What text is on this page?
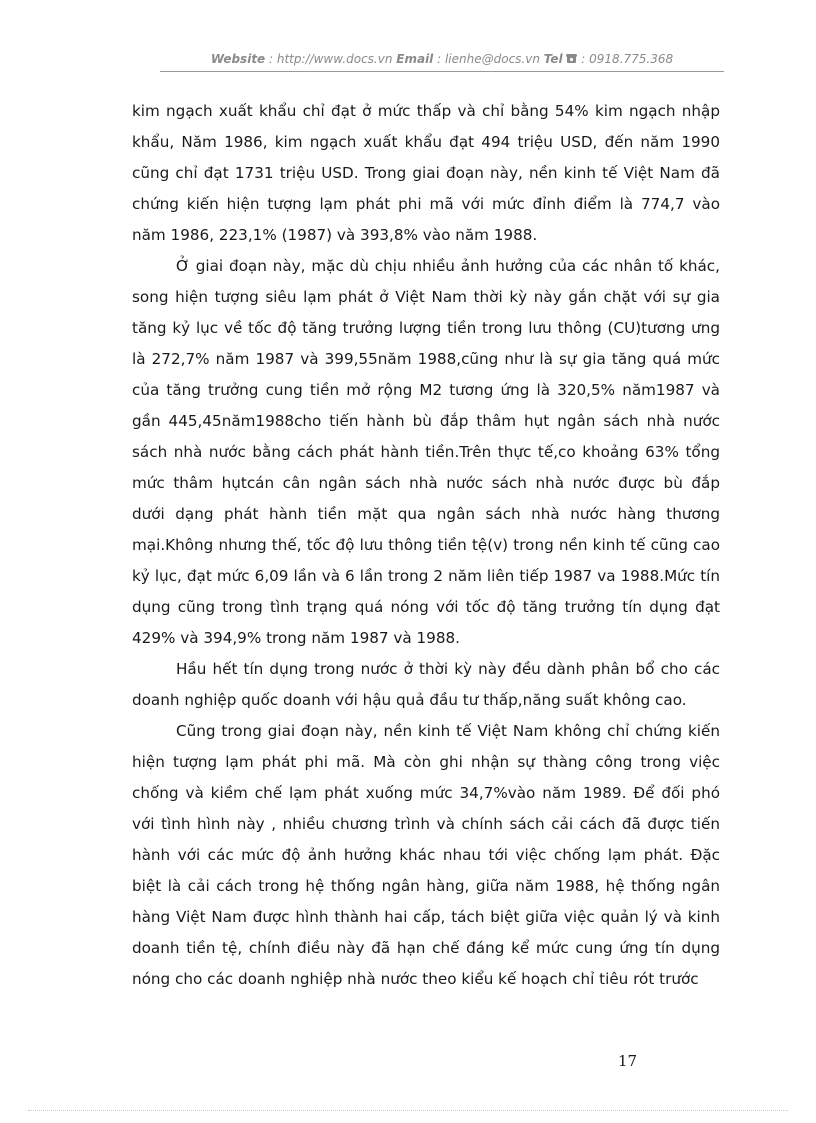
Website : http://www.docs.vn Email : lienhe@docs.vn Tel  : 0918.775.368
kim ngạch xuất khẩu chỉ đạt ở mức thấp và chỉ bằng 54% kim ngạch nhập
khẩu, Năm 1986, kim ngạch xuất khẩu đạt 494 triệu USD, đến năm 1990
cũng chỉ đạt 1731 triệu USD. Trong giai đoạn này, nền kinh tế Việt Nam đã
chứng kiến hiện tượng lạm phát phi mã với mức đỉnh điểm là 774,7 vào
năm 1986, 223,1% (1987) và 393,8% vào năm 1988.
Ở giai đoạn này, mặc dù chịu nhiều ảnh hưởng của các nhân tố khác,
song hiện tượng siêu lạm phát ở Việt Nam thời kỳ này gắn chặt với sự gia
tăng kỷ lục về tốc độ tăng trưởng lượng tiền trong lưu thông (CU)tương ưng
là 272,7% năm 1987 và 399,55năm 1988,cũng như là sự gia tăng quá mức
của tăng trưởng cung tiền mở rộng M2 tương ứng là 320,5% năm1987 và
gần 445,45năm1988cho tiến hành bù đắp thâm hụt ngân sách nhà nước
sách nhà nước bằng cách phát hành tiền.Trên thực tế,co khoảng 63% tổng
mức thâm hụtcán cân ngân sách nhà nước sách nhà nước được bù đắp
dưới dạng phát hành tiền mặt qua ngân sách nhà nước hàng thương
mại.Không nhưng thế, tốc độ lưu thông tiền tệ(v) trong nền kinh tế cũng cao
kỷ lục, đạt mức 6,09 lần và 6 lần trong 2 năm liên tiếp 1987 va 1988.Mức tín
dụng cũng trong tình trạng quá nóng với tốc độ tăng trưởng tín dụng đạt
429% và 394,9% trong năm 1987 và 1988.
Hầu hết tín dụng trong nước ở thời kỳ này đều dành phân bổ cho các
doanh nghiệp quốc doanh với hậu quả đầu tư thấp,năng suất không cao.
Cũng trong giai đoạn này, nền kinh tế Việt Nam không chỉ chứng kiến
hiện tượng lạm phát phi mã. Mà còn ghi nhận sự thàng công trong việc
chống và kiềm chế lạm phát xuống mức 34,7%vào năm 1989. Để đối phó
với tình hình này , nhiều chương trình và chính sách cải cách đã được tiến
hành với các mức độ ảnh hưởng khác nhau tới việc chống lạm phát. Đặc
biệt là cải cách trong hệ thống ngân hàng, giữa năm 1988, hệ thống ngân
hàng Việt Nam được hình thành hai cấp, tách biệt giữa việc quản lý và kinh
doanh tiền tệ, chính điều này đã hạn chế đáng kể mức cung ứng tín dụng
nóng cho các doanh nghiệp nhà nước theo kiểu kế hoạch chỉ tiêu rót trước
17
